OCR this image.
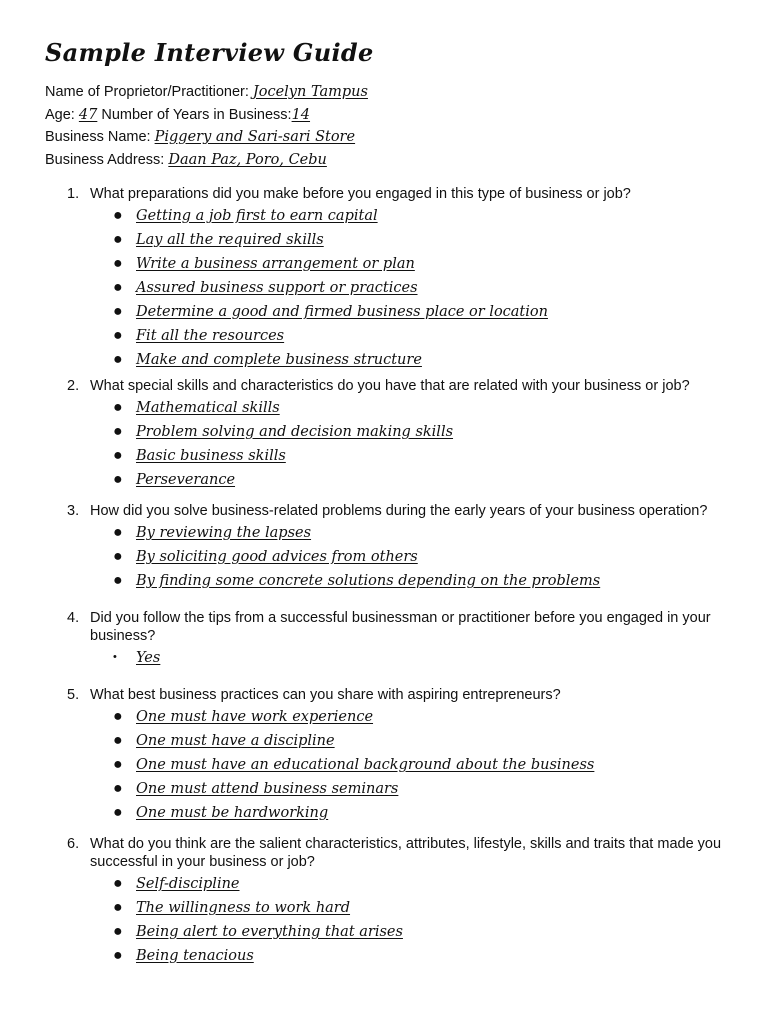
Sample Interview Guide
Name of Proprietor/Practitioner: Jocelyn Tampus
Age: 47 Number of Years in Business:14
Business Name: Piggery and Sari-sari Store
Business Address: Daan Paz, Poro, Cebu
1. What preparations did you make before you engaged in this type of business or job?

● Getting a job first to earn capital
● Lay all the required skills
● Write a business arrangement or plan
● Assured business support or practices
● Determine a good and firmed business place or location
● Fit all the resources
● Make and complete business structure
2. What special skills and characteristics do you have that are related with your business or job?

● Mathematical skills
● Problem solving and decision making skills
● Basic business skills
● Perseverance
3. How did you solve business-related problems during the early years of your business operation?

● By reviewing the lapses
● By soliciting good advices from others
● By finding some concrete solutions depending on the problems
4. Did you follow the tips from a successful businessman or practitioner before you engaged in your business?

• Yes
5. What best business practices can you share with aspiring entrepreneurs?

● One must have work experience
● One must have a discipline
● One must have an educational background about the business
● One must attend business seminars
● One must be hardworking
6. What do you think are the salient characteristics, attributes, lifestyle, skills and traits that made you successful in your business or job?

● Self-discipline
● The willingness to work hard
● Being alert to everything that arises
● Being tenacious
